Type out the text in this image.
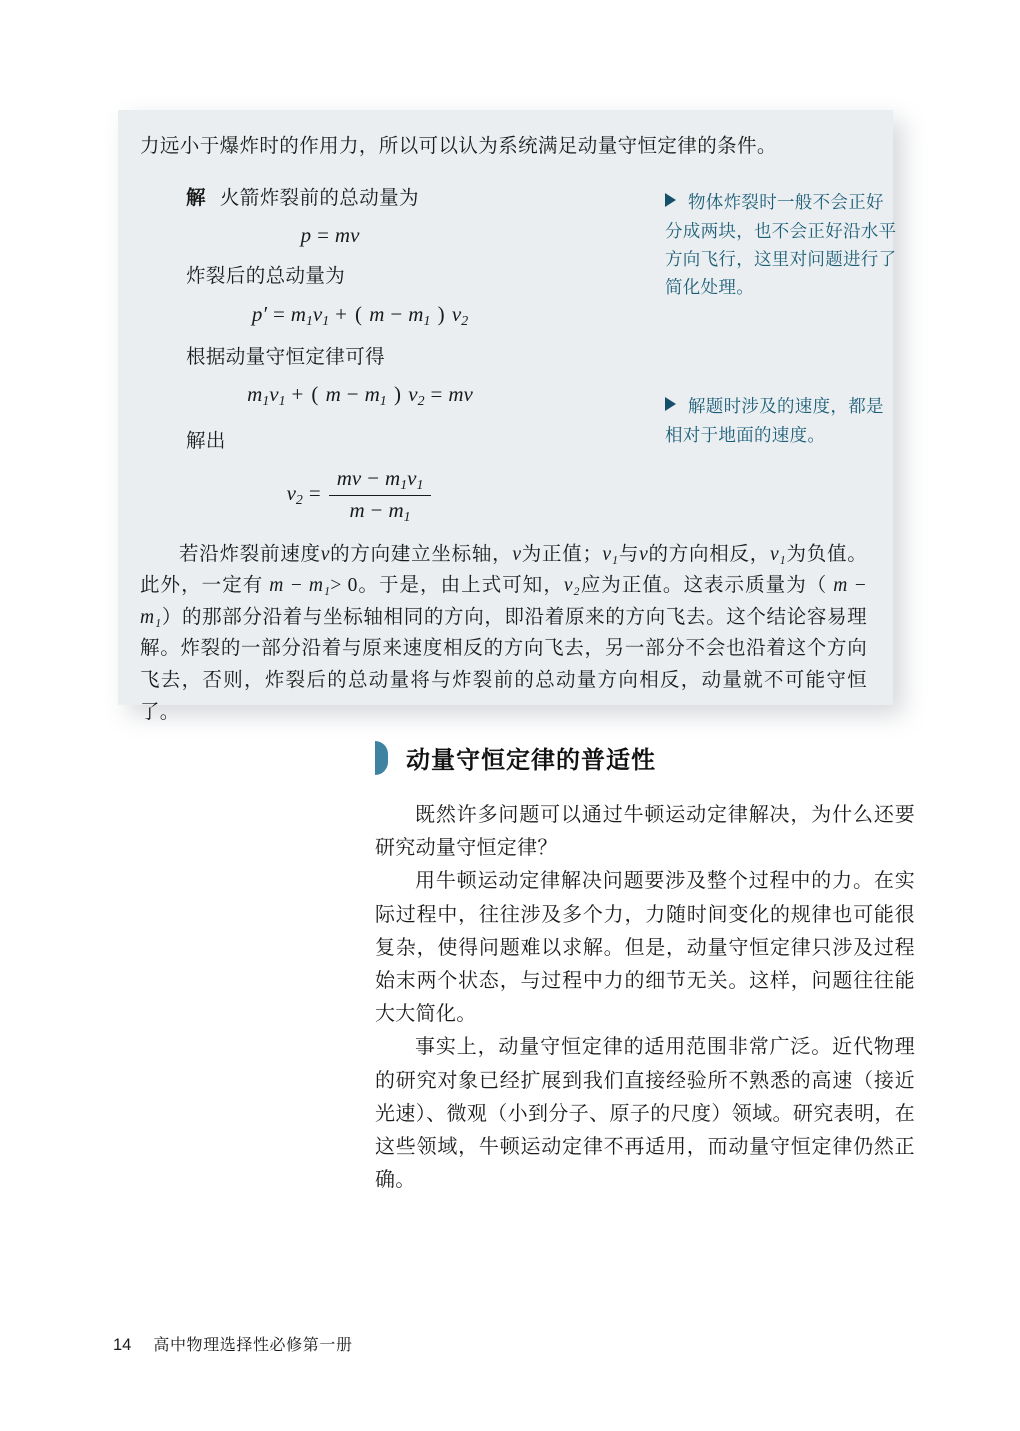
力远小于爆炸时的作用力，所以可以认为系统满足动量守恒定律的条件。

解 火箭炸裂前的总动量为

p = mv

炸裂后的总动量为

$p' = m_1v_1$ + ( $m - m_1$ ) $v_2$

根据动量守恒定律可得

$m_1v_1$ + ( $m - m_1$ ) $v_2$ = mv

解出

$v_2 = \frac{mv - m_1v_1}{m - m_1}$
物体炸裂时一般不会正好分成两块，也不会正好沿水平方向飞行，这里对问题进行了简化处理。
解题时涉及的速度，都是相对于地面的速度。

若沿炸裂前速度v的方向建立坐标轴，v为正值；v₁与v的方向相反，v₁为负值。此外，一定有 m − m₁> 0。于是，由上式可知，v₂应为正值。这表示质量为（ m − m₁）的那部分沿着与坐标轴相同的方向，即沿着原来的方向飞去。这个结论容易理解。炸裂的一部分沿着与原来速度相反的方向飞去，另一部分不会也沿着这个方向飞去，否则，炸裂后的总动量将与炸裂前的总动量方向相反，动量就不可能守恒了。

动量守恒定律的普适性

既然许多问题可以通过牛顿运动定律解决，为什么还要研究动量守恒定律？

用牛顿运动定律解决问题要涉及整个过程中的力。在实际过程中，往往涉及多个力，力随时间变化的规律也可能很复杂，使得问题难以求解。但是，动量守恒定律只涉及过程始末两个状态，与过程中力的细节无关。这样，问题往往能大大简化。

事实上，动量守恒定律的适用范围非常广泛。近代物理的研究对象已经扩展到我们直接经验所不熟悉的高速（接近光速）、微观（小到分子、原子的尺度）领域。研究表明，在这些领域，牛顿运动定律不再适用，而动量守恒定律仍然正确。

14 高中物理选择性必修第一册
